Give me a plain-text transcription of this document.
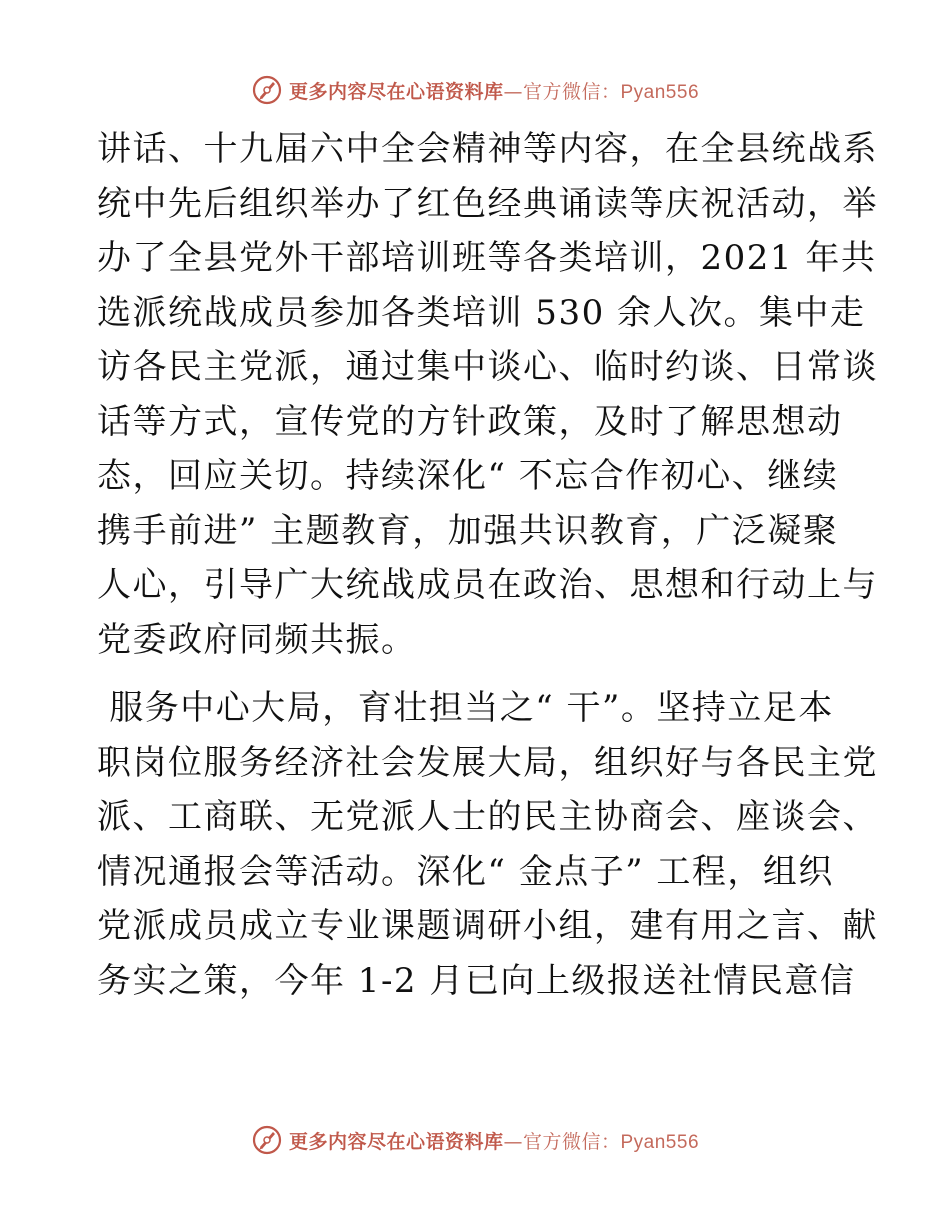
更多内容尽在心语资料库—官方微信：Pyan556
讲话、十九届六中全会精神等内容，在全县统战系
统中先后组织举办了红色经典诵读等庆祝活动，举
办了全县党外干部培训班等各类培训，2021 年共
选派统战成员参加各类培训 530 余人次。集中走
访各民主党派，通过集中谈心、临时约谈、日常谈
话等方式，宣传党的方针政策，及时了解思想动
态，回应关切。持续深化“ 不忘合作初心、继续
携手前进” 主题教育，加强共识教育，广泛凝聚
人心，引导广大统战成员在政治、思想和行动上与
党委政府同频共振。
服务中心大局，育壮担当之“ 干”。坚持立足本
职岗位服务经济社会发展大局，组织好与各民主党
派、工商联、无党派人士的民主协商会、座谈会、
情况通报会等活动。深化“ 金点子” 工程，组织
党派成员成立专业课题调研小组，建有用之言、献
务实之策，今年 1-2 月已向上级报送社情民意信
更多内容尽在心语资料库—官方微信：Pyan556
